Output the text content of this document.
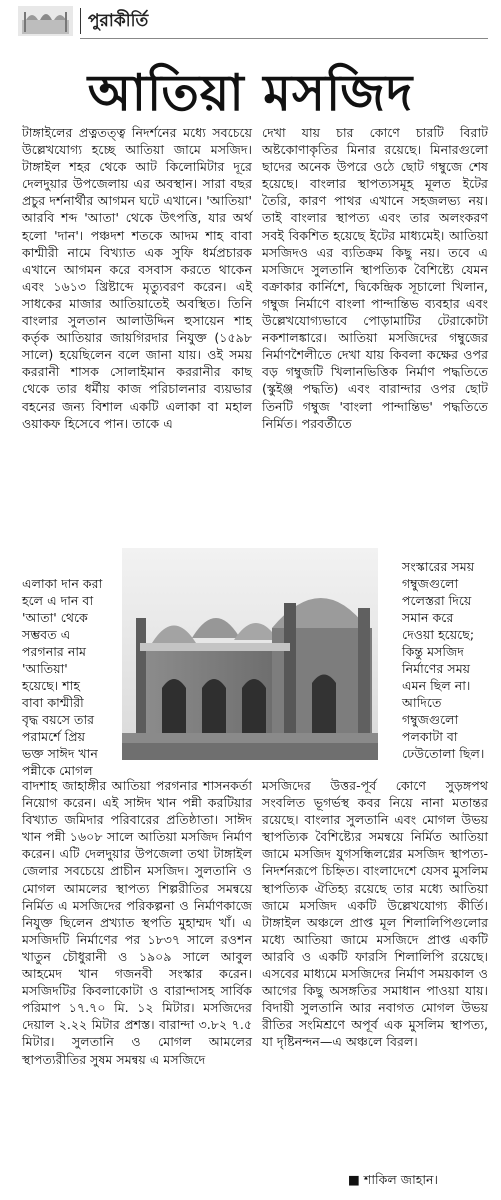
পুরাকীর্তি
আতিয়া মসজিদ

টাঙ্গাইলের প্রত্নতত্ত্ব নিদর্শনের মধ্যে সবচেয়ে উল্লেখযোগ্য হচ্ছে আতিয়া জামে মসজিদ। টাঙ্গাইল শহর থেকে আট কিলোমিটার দূরে দেলদুয়ার উপজেলায় এর অবস্থান। সারা বছর প্রচুর দর্শনার্থীর আগমন ঘটে এখানে। 'আতিয়া' আরবি শব্দ 'আতা' থেকে উৎপত্তি, যার অর্থ হলো 'দান'। পঞ্চদশ শতকে আদম শাহ বাবা কাশ্মীরী নামে বিখ্যাত এক সুফি ধর্মপ্রচারক এখানে আগমন করে বসবাস করতে থাকেন এবং ১৬১৩ খ্রিষ্টাব্দে মৃত্যুবরণ করেন। এই সাধকের মাজার আতিয়াতেই অবস্থিত। তিনি বাংলার সুলতান আলাউদ্দিন হুসায়েন শাহ কর্তৃক আতিয়ার জায়গিরদার নিযুক্ত (১৫৯৮ সালে) হয়েছিলেন বলে জানা যায়। ওই সময় কররানী শাসক সোলাইমান কররানীর কাছ থেকে তার ধর্মীয় কাজ পরিচালনার ব্যয়ভার বহনের জন্য বিশাল একটি এলাকা বা মহাল ওয়াকফ হিসেবে পান। তাকে এ

দেখা যায় চার কোণে চারটি বিরাট অষ্টকোণাকৃতির মিনার রয়েছে। মিনারগুলো ছাদের অনেক উপরে ওঠে ছোট গম্বুজে শেষ হয়েছে। বাংলার স্থাপত্যসমূহ মূলত ইটের তৈরি, কারণ পাথর এখানে সহজলভ্য নয়। তাই বাংলার স্থাপত্য এবং তার অলংকরণ সবই বিকশিত হয়েছে ইটের মাধ্যমেই। আতিয়া মসজিদও এর ব্যতিক্রম কিছু নয়। তবে এ মসজিদে সুলতানি স্থাপত্যিক বৈশিষ্ট্যে যেমন বক্রাকার কার্নিশে, দ্বিকেন্দ্রিক সূচালো খিলান, গম্বুজ নির্মাণে বাংলা পান্দান্তিভ ব্যবহার এবং উল্লেখযোগ্যভাবে পোড়ামাটির টেরাকোটা নকশালঙ্কারে। আতিয়া মসজিদের গম্বুজের নির্মাণশৈলীতে দেখা যায় কিবলা কক্ষের ওপর বড় গম্বুজটি খিলানভিত্তিক নির্মাণ পদ্ধতিতে (স্কুইঞ্জ পদ্ধতি) এবং বারান্দার ওপর ছোট তিনটি গম্বুজ 'বাংলা পান্দান্তিভ' পদ্ধতিতে নির্মিত। পরবর্তীতে

এলাকা দান করা
হলে এ দান বা
'আতা' থেকে
সম্ভবত এ
পরগনার নাম
'আতিয়া'
হয়েছে। শাহ
বাবা কাশ্মীরী
বৃদ্ধ বয়সে তার
পরামর্শে প্রিয়
ভক্ত সাঈদ খান
পন্নীকে মোগল
সংস্কারের সময়
গম্বুজগুলো
পলেস্তরা দিয়ে
সমান করে
দেওয়া হয়েছে;
কিন্তু মসজিদ
নির্মাণের সময়
এমন ছিল না।
আদিতে
গম্বুজগুলো
পলকাটা বা
ঢেউতোলা ছিল।

বাদশাহ জাহাঙ্গীর আতিয়া পরগনার শাসনকর্তা নিয়োগ করেন। এই সাঈদ খান পন্নী করটিয়ার বিখ্যাত জমিদার পরিবারের প্রতিষ্ঠাতা। সাঈদ খান পন্নী ১৬০৮ সালে আতিয়া মসজিদ নির্মাণ করেন। এটি দেলদুয়ার উপজেলা তথা টাঙ্গাইল জেলার সবচেয়ে প্রাচীন মসজিদ। সুলতানি ও মোগল আমলের স্থাপত্য শিল্পরীতির সমন্বয়ে নির্মিত এ মসজিদের পরিকল্পনা ও নির্মাণকাজে নিযুক্ত ছিলেন প্রখ্যাত স্থপতি মুহাম্মদ খাঁ। এ মসজিদটি নির্মাণের পর ১৮৩৭ সালে রওশন খাতুন চৌধুরানী ও ১৯০৯ সালে আবুল আহমেদ খান গজনবী সংস্কার করেন। মসজিদটির কিবলাকোটা ও বারান্দাসহ সার্বিক পরিমাপ ১৭.৭০ মি. ১২ মিটার। মসজিদের দেয়াল ২.২২ মিটার প্রশস্ত। বারান্দা ৩.৮২ ৭.৫ মিটার। সুলতানি ও মোগল আমলের স্থাপত্যরীতির সুষম সমন্বয় এ মসজিদে

মসজিদের উত্তর-পূর্ব কোণে সুড়ঙ্গপথ সংবলিত ভূগর্ভস্থ কবর নিয়ে নানা মতান্তর রয়েছে। বাংলার সুলতানি এবং মোগল উভয় স্থাপত্যিক বৈশিষ্ট্যের সমন্বয়ে নির্মিত আতিয়া জামে মসজিদ যুগসন্ধিলগ্নের মসজিদ স্থাপত্য-নিদর্শনরূপে চিহ্নিত। বাংলাদেশে যেসব মুসলিম স্থাপত্যিক ঐতিহ্য রয়েছে তার মধ্যে আতিয়া জামে মসজিদ একটি উল্লেখযোগ্য কীর্তি। টাঙ্গাইল অঞ্চলে প্রাপ্ত মূল শিলালিপিগুলোর মধ্যে আতিয়া জামে মসজিদে প্রাপ্ত একটি আরবি ও একটি ফারসি শিলালিপি রয়েছে। এসবের মাধ্যমে মসজিদের নির্মাণ সময়কাল ও আগের কিছু অসঙ্গতির সমাধান পাওয়া যায়। বিদায়ী সুলতানি আর নবাগত মোগল উভয় রীতির সংমিশ্রণে অপূর্ব এক মুসলিম স্থাপত্য, যা দৃষ্টিনন্দন—এ অঞ্চলে বিরল।

■ শাকিল জাহান।
